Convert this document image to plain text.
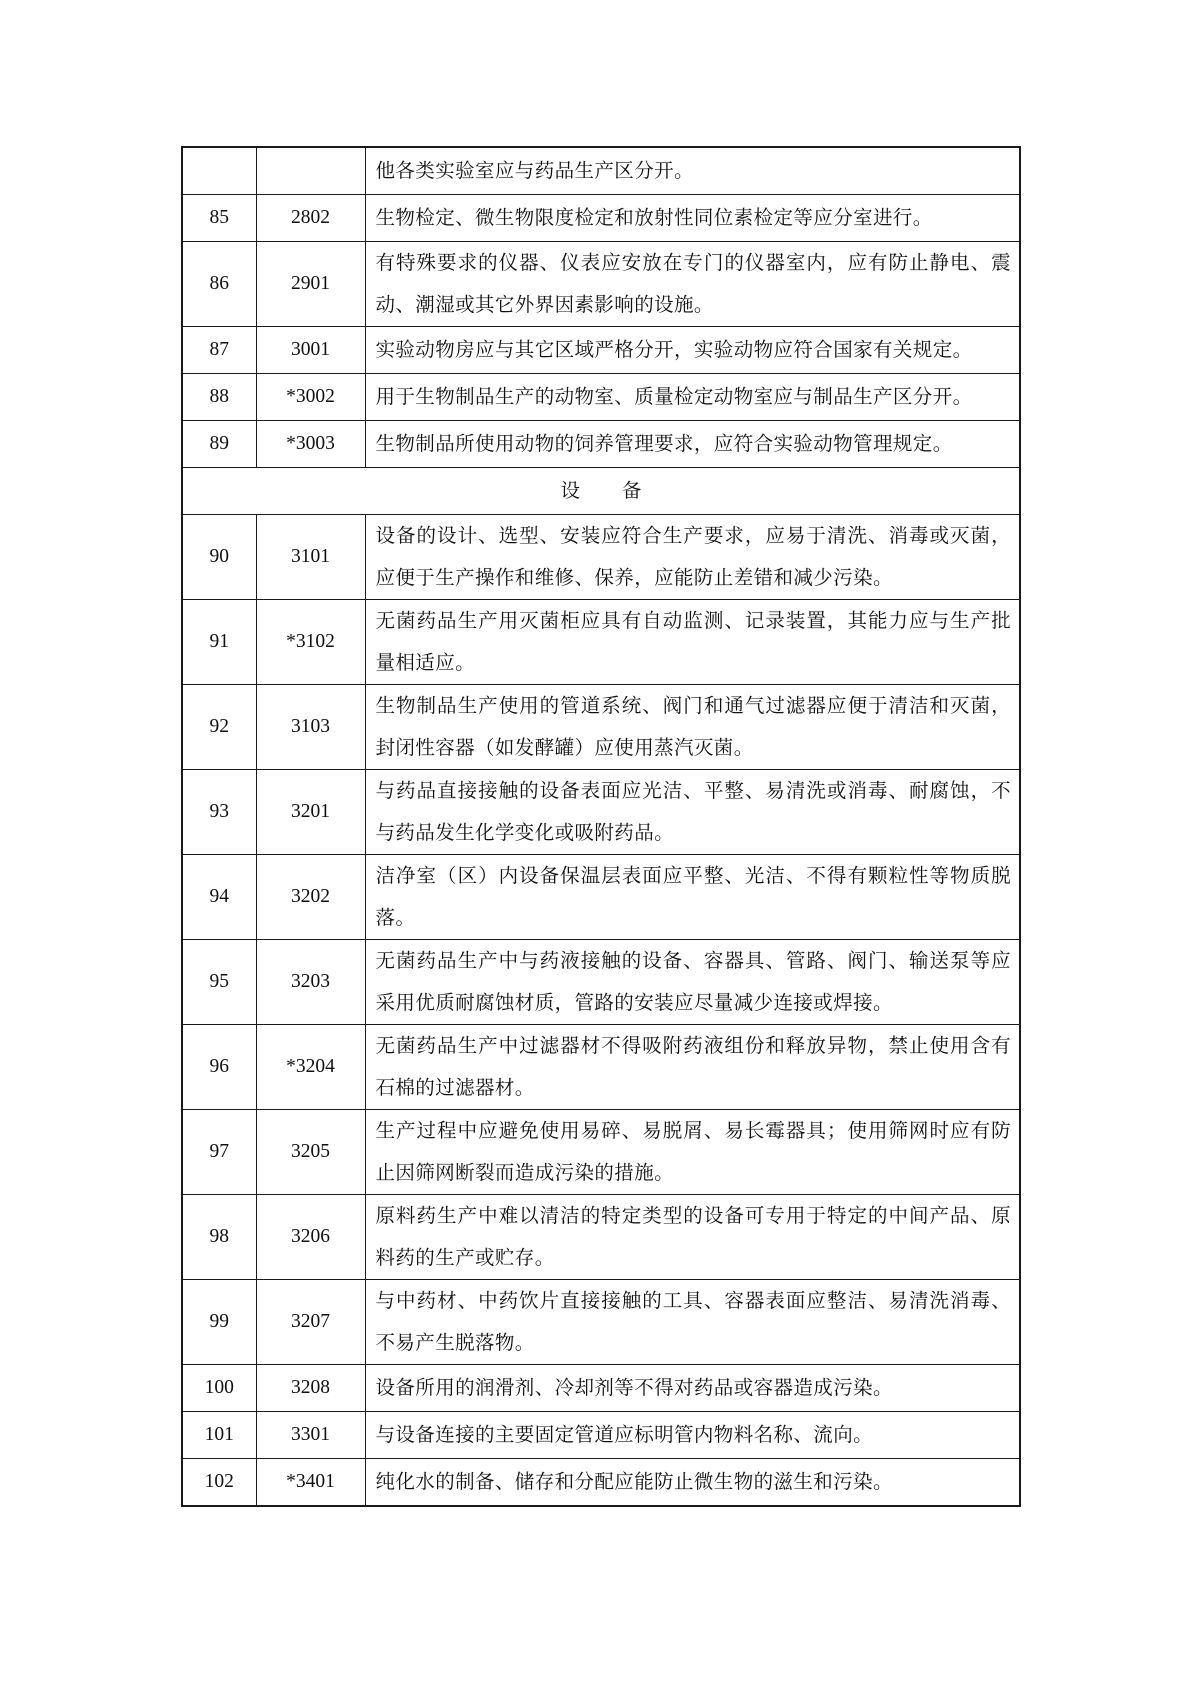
		他各类实验室应与药品生产区分开。
85	2802	生物检定、微生物限度检定和放射性同位素检定等应分室进行。
86	2901	有特殊要求的仪器、仪表应安放在专门的仪器室内，应有防止静电、震动、潮湿或其它外界因素影响的设施。
87	3001	实验动物房应与其它区域严格分开，实验动物应符合国家有关规定。
88	*3002	用于生物制品生产的动物室、质量检定动物室应与制品生产区分开。
89	*3003	生物制品所使用动物的饲养管理要求，应符合实验动物管理规定。
设备		
90	3101	设备的设计、选型、安装应符合生产要求，应易于清洗、消毒或灭菌，应便于生产操作和维修、保养，应能防止差错和减少污染。
91	*3102	无菌药品生产用灭菌柜应具有自动监测、记录装置，其能力应与生产批量相适应。
92	3103	生物制品生产使用的管道系统、阀门和通气过滤器应便于清洁和灭菌，封闭性容器（如发酵罐）应使用蒸汽灭菌。
93	3201	与药品直接接触的设备表面应光洁、平整、易清洗或消毒、耐腐蚀，不与药品发生化学变化或吸附药品。
94	3202	洁净室（区）内设备保温层表面应平整、光洁、不得有颗粒性等物质脱落。
95	3203	无菌药品生产中与药液接触的设备、容器具、管路、阀门、输送泵等应采用优质耐腐蚀材质，管路的安装应尽量减少连接或焊接。
96	*3204	无菌药品生产中过滤器材不得吸附药液组份和释放异物，禁止使用含有石棉的过滤器材。
97	3205	生产过程中应避免使用易碎、易脱屑、易长霉器具；使用筛网时应有防止因筛网断裂而造成污染的措施。
98	3206	原料药生产中难以清洁的特定类型的设备可专用于特定的中间产品、原料药的生产或贮存。
99	3207	与中药材、中药饮片直接接触的工具、容器表面应整洁、易清洗消毒、不易产生脱落物。
100	3208	设备所用的润滑剂、冷却剂等不得对药品或容器造成污染。
101	3301	与设备连接的主要固定管道应标明管内物料名称、流向。
102	*3401	纯化水的制备、储存和分配应能防止微生物的滋生和污染。
